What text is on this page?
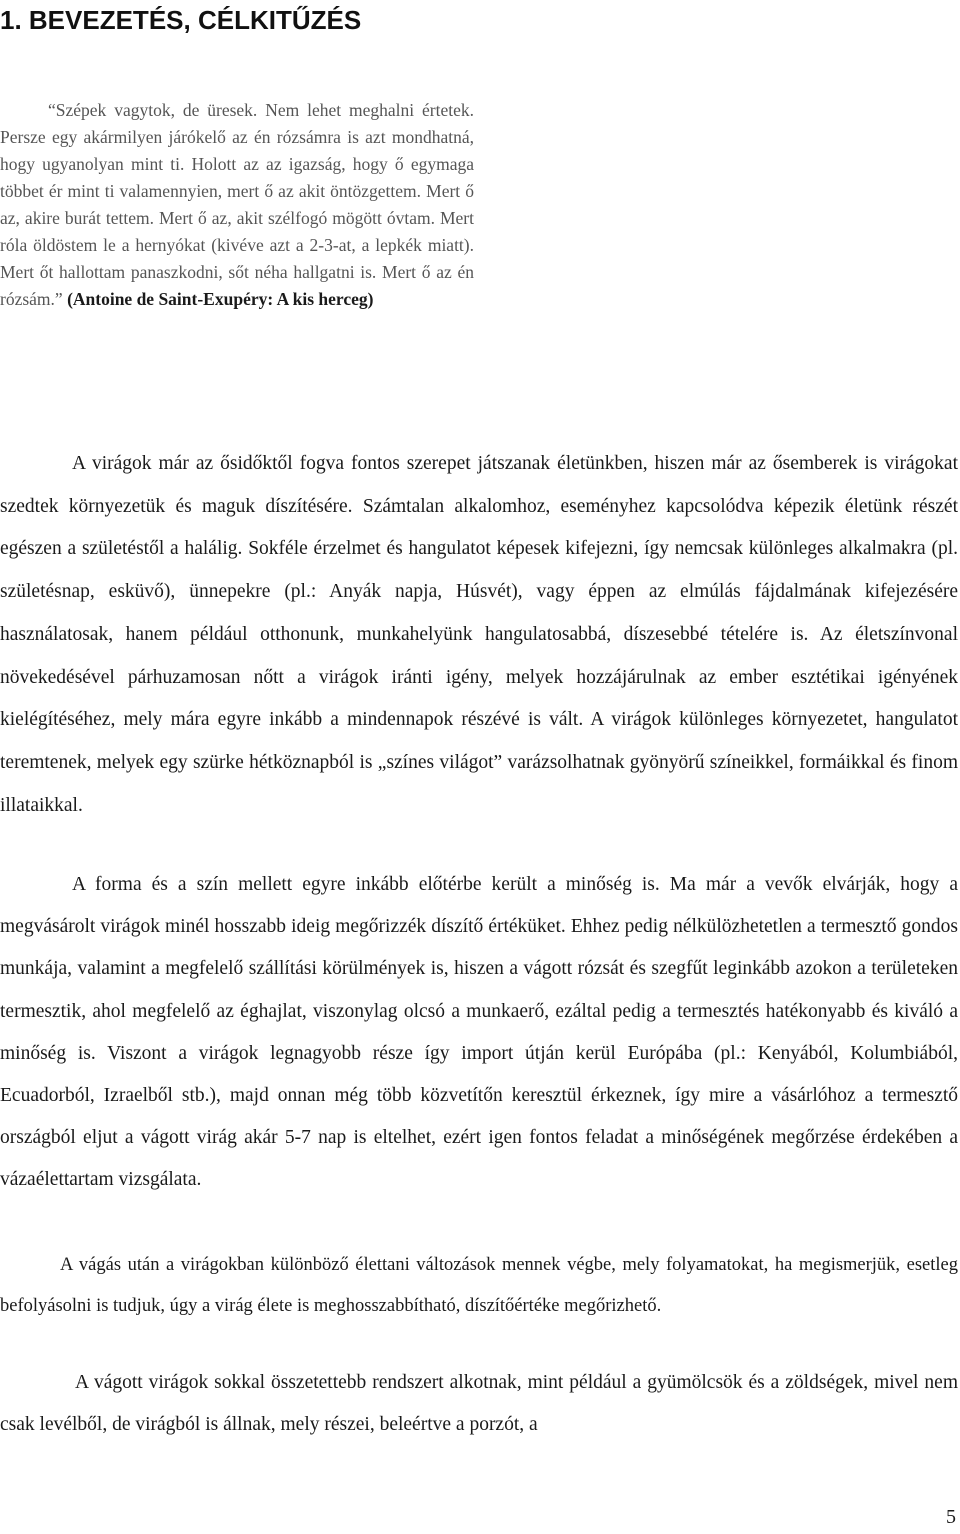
1. BEVEZETÉS, CÉLKITŰZÉS

“Szépek vagytok, de üresek. Nem lehet meghalni értetek. Persze egy akármilyen járókelő az én rózsámra is azt mondhatná, hogy ugyanolyan mint ti. Holott az az igazság, hogy ő egymaga többet ér mint ti valamennyien, mert ő az akit öntözgettem. Mert ő az, akire burát tettem. Mert ő az, akit szélfogó mögött óvtam. Mert róla öldöstem le a hernyókat (kivéve azt a 2-3-at, a lepkék miatt). Mert őt hallottam panaszkodni, sőt néha hallgatni is. Mert ő az én rózsám.” (Antoine de Saint-Exupéry: A kis herceg)

A virágok már az ősidőktől fogva fontos szerepet játszanak életünkben, hiszen már az ősemberek is virágokat szedtek környezetük és maguk díszítésére. Számtalan alkalomhoz, eseményhez kapcsolódva képezik életünk részét egészen a születéstől a halálig. Sokféle érzelmet és hangulatot képesek kifejezni, így nemcsak különleges alkalmakra (pl. születésnap, esküvő), ünnepekre (pl.: Anyák napja, Húsvét), vagy éppen az elmúlás fájdalmának kifejezésére használatosak, hanem például otthonunk, munkahelyünk hangulatosabbá, díszesebbé tételére is. Az életszínvonal növekedésével párhuzamosan nőtt a virágok iránti igény, melyek hozzájárulnak az ember esztétikai igényének kielégítéséhez, mely mára egyre inkább a mindennapok részévé is vált. A virágok különleges környezetet, hangulatot teremtenek, melyek egy szürke hétköznapból is „színes világot” varázsolhatnak gyönyörű színeikkel, formáikkal és finom illataikkal.

A forma és a szín mellett egyre inkább előtérbe került a minőség is. Ma már a vevők elvárják, hogy a megvásárolt virágok minél hosszabb ideig megőrizzék díszítő értéküket. Ehhez pedig nélkülözhetetlen a termesztő gondos munkája, valamint a megfelelő szállítási körülmények is, hiszen a vágott rózsát és szegfűt leginkább azokon a területeken termesztik, ahol megfelelő az éghajlat, viszonylag olcsó a munkaerő, ezáltal pedig a termesztés hatékonyabb és kiváló a minőség is. Viszont a virágok legnagyobb része így import útján kerül Európába (pl.: Kenyából, Kolumbiából, Ecuadorból, Izraelből stb.), majd onnan még több közvetítőn keresztül érkeznek, így mire a vásárlóhoz a termesztő országból eljut a vágott virág akár 5-7 nap is eltelhet, ezért igen fontos feladat a minőségének megőrzése érdekében a vázaélettartam vizsgálata.

A vágás után a virágokban különböző élettani változások mennek végbe, mely folyamatokat, ha megismerjük, esetleg befolyásolni is tudjuk, úgy a virág élete is meghosszabbítható, díszítőértéke megőrizhető.

A vágott virágok sokkal összetettebb rendszert alkotnak, mint például a gyümölcsök és a zöldségek, mivel nem csak levélből, de virágból is állnak, mely részei, beleértve a porzót, a

5
